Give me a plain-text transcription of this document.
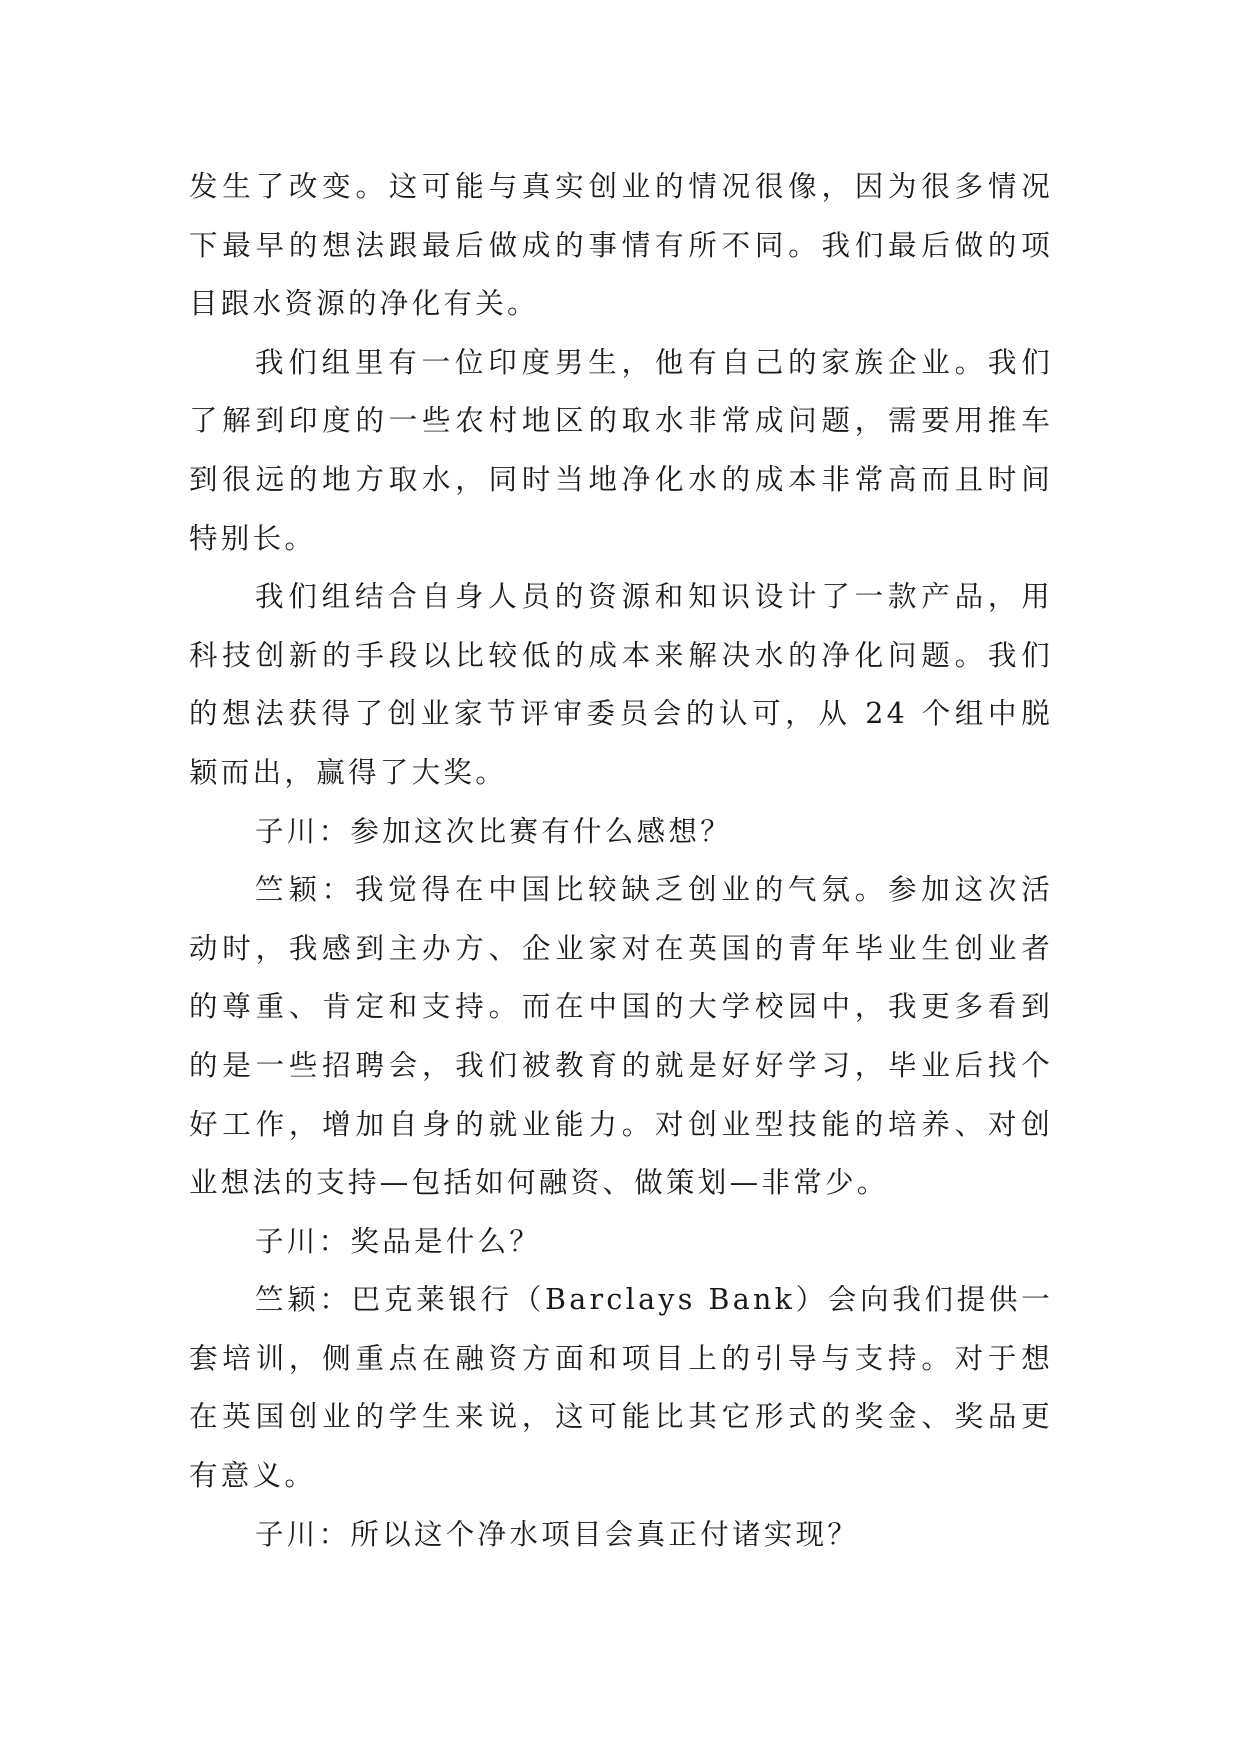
发生了改变。这可能与真实创业的情况很像，因为很多情况
下最早的想法跟最后做成的事情有所不同。我们最后做的项
目跟水资源的净化有关。
我们组里有一位印度男生，他有自己的家族企业。我们
了解到印度的一些农村地区的取水非常成问题，需要用推车
到很远的地方取水，同时当地净化水的成本非常高而且时间
特别长。
我们组结合自身人员的资源和知识设计了一款产品，用
科技创新的手段以比较低的成本来解决水的净化问题。我们
的想法获得了创业家节评审委员会的认可，从 24 个组中脱
颖而出，赢得了大奖。
子川：参加这次比赛有什么感想？
竺颖：我觉得在中国比较缺乏创业的气氛。参加这次活
动时，我感到主办方、企业家对在英国的青年毕业生创业者
的尊重、肯定和支持。而在中国的大学校园中，我更多看到
的是一些招聘会，我们被教育的就是好好学习，毕业后找个
好工作，增加自身的就业能力。对创业型技能的培养、对创
业想法的支持—包括如何融资、做策划—非常少。
子川：奖品是什么？
竺颖：巴克莱银行（Barclays Bank）会向我们提供一
套培训，侧重点在融资方面和项目上的引导与支持。对于想
在英国创业的学生来说，这可能比其它形式的奖金、奖品更
有意义。
子川：所以这个净水项目会真正付诸实现？
